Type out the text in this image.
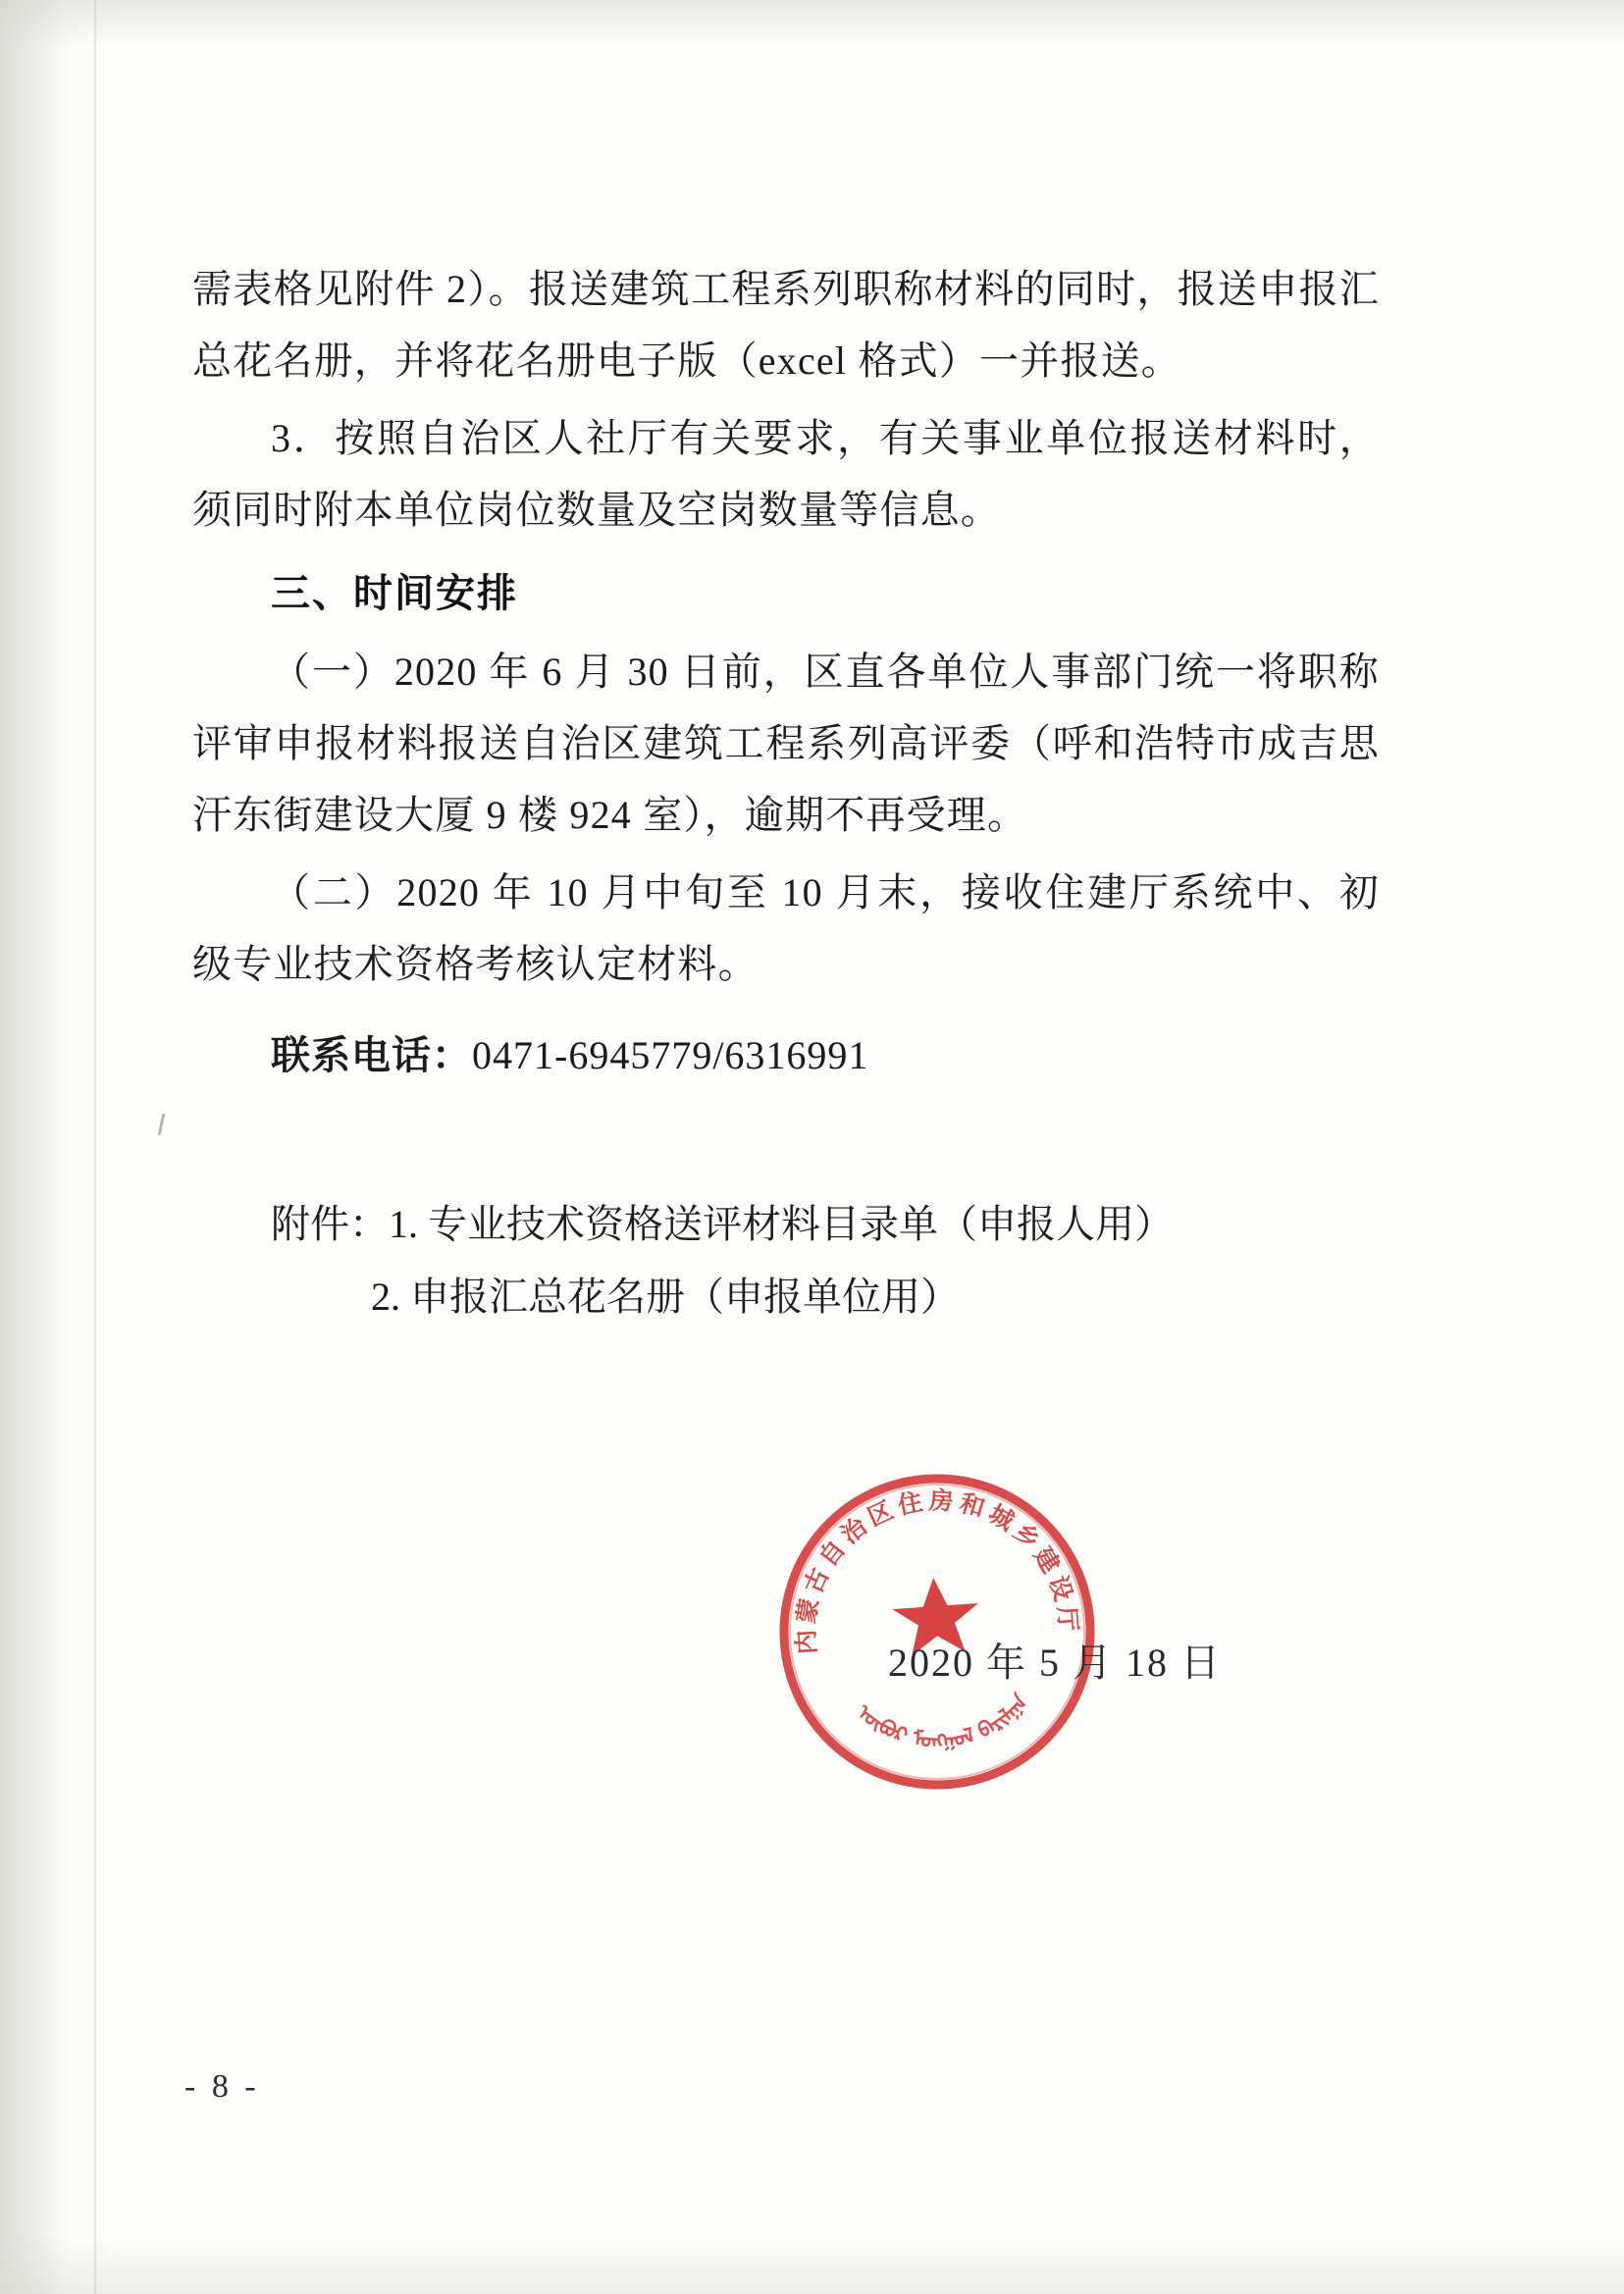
需表格见附件 2）。报送建筑工程系列职称材料的同时，报送申报汇总花名册，并将花名册电子版（excel 格式）一并报送。

3．按照自治区人社厅有关要求，有关事业单位报送材料时，须同时附本单位岗位数量及空岗数量等信息。

三、时间安排

（一）2020 年 6 月 30 日前，区直各单位人事部门统一将职称评审申报材料报送自治区建筑工程系列高评委（呼和浩特市成吉思汗东街建设大厦 9 楼 924 室），逾期不再受理。

（二）2020 年 10 月中旬至 10 月末，接收住建厅系统中、初级专业技术资格考核认定材料。

联系电话：0471-6945779/6316991
附件：1. 专业技术资格送评材料目录单（申报人用）
2. 申报汇总花名册（申报单位用）
内蒙古自治区住房和城乡建设厅
ᠦᠪᠦᠷ ᠮᠣᠩᠭᠣᠯ ᠪᠠᠷᠢᠯᠭᠠ
2020 年 5 月 18 日
- 8 -
